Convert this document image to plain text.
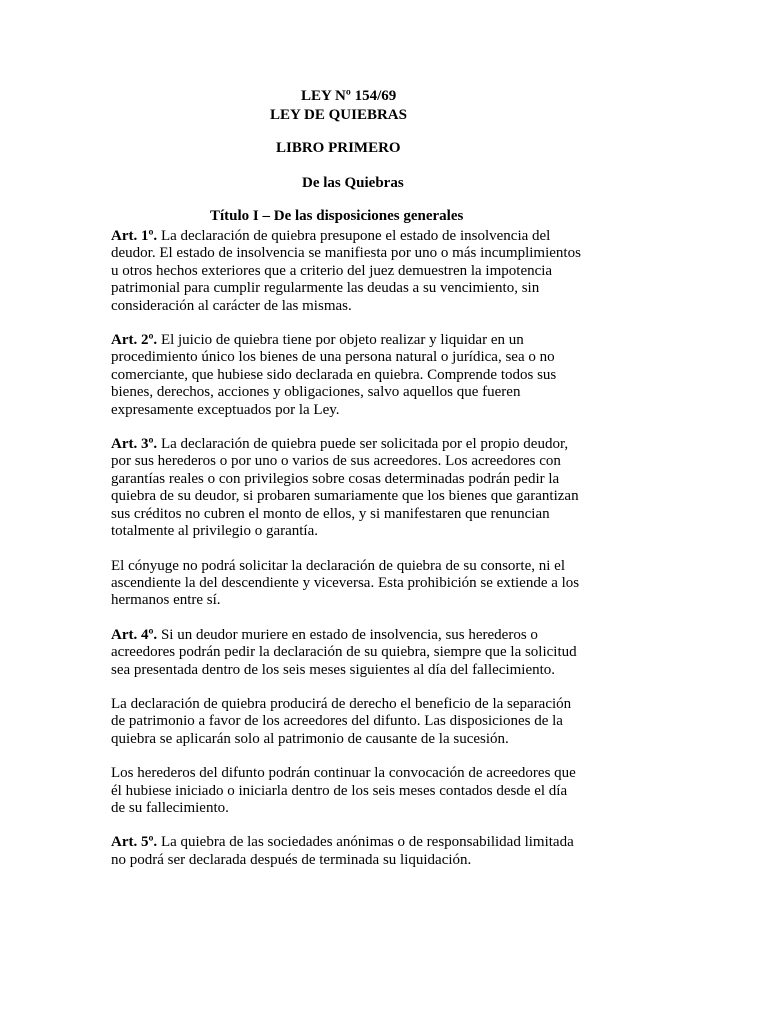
LEY Nº 154/69
LEY DE QUIEBRAS
LIBRO PRIMERO
De las Quiebras
Título I – De las disposiciones generales

Art. 1º. La declaración de quiebra presupone el estado de insolvencia del deudor. El estado de insolvencia se manifiesta por uno o más incumplimientos u otros hechos exteriores que a criterio del juez demuestren la impotencia patrimonial para cumplir regularmente las deudas a su vencimiento, sin consideración al carácter de las mismas.

Art. 2º. El juicio de quiebra tiene por objeto realizar y liquidar en un procedimiento único los bienes de una persona natural o jurídica, sea o no comerciante, que hubiese sido declarada en quiebra. Comprende todos sus bienes, derechos, acciones y obligaciones, salvo aquellos que fueren expresamente exceptuados por la Ley.

Art. 3º. La declaración de quiebra puede ser solicitada por el propio deudor, por sus herederos o por uno o varios de sus acreedores. Los acreedores con garantías reales o con privilegios sobre cosas determinadas podrán pedir la quiebra de su deudor, si probaren sumariamente que los bienes que garantizan sus créditos no cubren el monto de ellos, y si manifestaren que renuncian totalmente al privilegio o garantía.

El cónyuge no podrá solicitar la declaración de quiebra de su consorte, ni el ascendiente la del descendiente y viceversa. Esta prohibición se extiende a los hermanos entre sí.

Art. 4º. Si un deudor muriere en estado de insolvencia, sus herederos o acreedores podrán pedir la declaración de su quiebra, siempre que la solicitud sea presentada dentro de los seis meses siguientes al día del fallecimiento.

La declaración de quiebra producirá de derecho el beneficio de la separación de patrimonio a favor de los acreedores del difunto. Las disposiciones de la quiebra se aplicarán solo al patrimonio de causante de la sucesión.

Los herederos del difunto podrán continuar la convocación de acreedores que él hubiese iniciado o iniciarla dentro de los seis meses contados desde el día de su fallecimiento.

Art. 5º. La quiebra de las sociedades anónimas o de responsabilidad limitada no podrá ser declarada después de terminada su liquidación.
